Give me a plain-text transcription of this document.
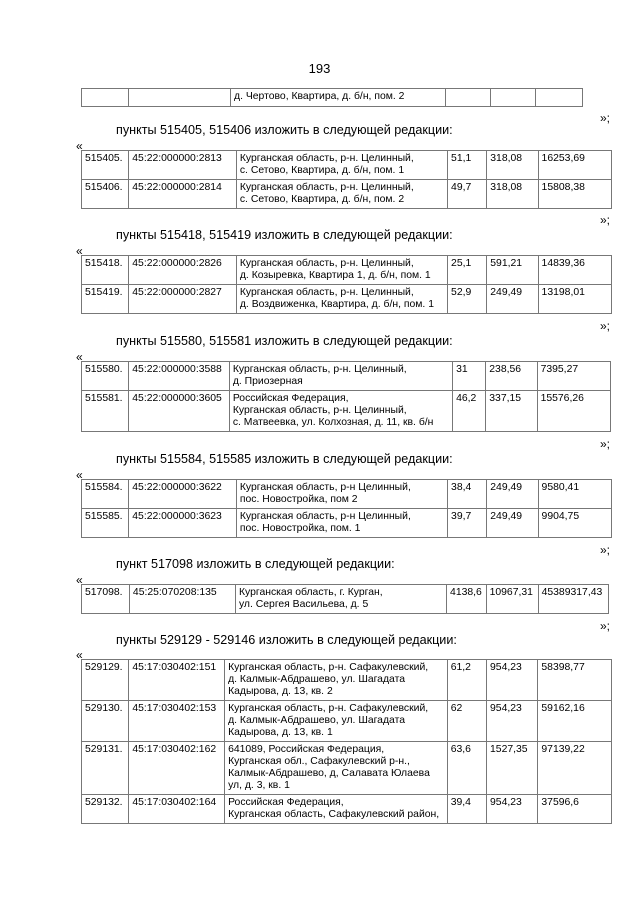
193
		д. Чертово, Квартира, д. б/н, пом. 2			
»;
пункты 515405, 515406 изложить в следующей редакции:
«
515405.	45:22:000000:2813	Курганская область, р-н. Целинный,
с. Сетово, Квартира, д. б/н, пом. 1	51,1	318,08	16253,69
515406.	45:22:000000:2814	Курганская область, р-н. Целинный,
с. Сетово, Квартира, д. б/н, пом. 2	49,7	318,08	15808,38
»;
пункты 515418, 515419 изложить в следующей редакции:
«
515418.	45:22:000000:2826	Курганская область, р-н. Целинный,
д. Козыревка, Квартира 1, д. б/н, пом. 1	25,1	591,21	14839,36
515419.	45:22:000000:2827	Курганская область, р-н. Целинный,
д. Воздвиженка, Квартира, д. б/н, пом. 1	52,9	249,49	13198,01
»;
пункты 515580, 515581 изложить в следующей редакции:
«
515580.	45:22:000000:3588	Курганская область, р-н. Целинный,
д. Приозерная	31	238,56	7395,27
515581.	45:22:000000:3605	Российская Федерация,
Курганская область, р-н. Целинный,
с. Матвеевка, ул. Колхозная, д. 11, кв. б/н	46,2	337,15	15576,26
»;
пункты 515584, 515585 изложить в следующей редакции:
«
515584.	45:22:000000:3622	Курганская область, р-н Целинный,
пос. Новостройка, пом 2	38,4	249,49	9580,41
515585.	45:22:000000:3623	Курганская область, р-н Целинный,
пос. Новостройка, пом. 1	39,7	249,49	9904,75
»;
пункт 517098 изложить в следующей редакции:
«
517098.	45:25:070208:135	Курганская область, г. Курган,
ул. Сергея Васильева, д. 5	4138,6	10967,31	45389317,43
»;
пункты 529129 - 529146 изложить в следующей редакции:
«
529129.	45:17:030402:151	Курганская область, р-н. Сафакулевский,
д. Калмык-Абдрашево, ул. Шагадата
Кадырова, д. 13, кв. 2	61,2	954,23	58398,77
529130.	45:17:030402:153	Курганская область, р-н. Сафакулевский,
д. Калмык-Абдрашево, ул. Шагадата
Кадырова, д. 13, кв. 1	62	954,23	59162,16
529131.	45:17:030402:162	641089, Российская Федерация,
Курганская обл., Сафакулевский р-н.,
Калмык-Абдрашево, д, Салавата Юлаева
ул, д. 3, кв. 1	63,6	1527,35	97139,22
529132.	45:17:030402:164	Российская Федерация,
Курганская область, Сафакулевский район,	39,4	954,23	37596,6
